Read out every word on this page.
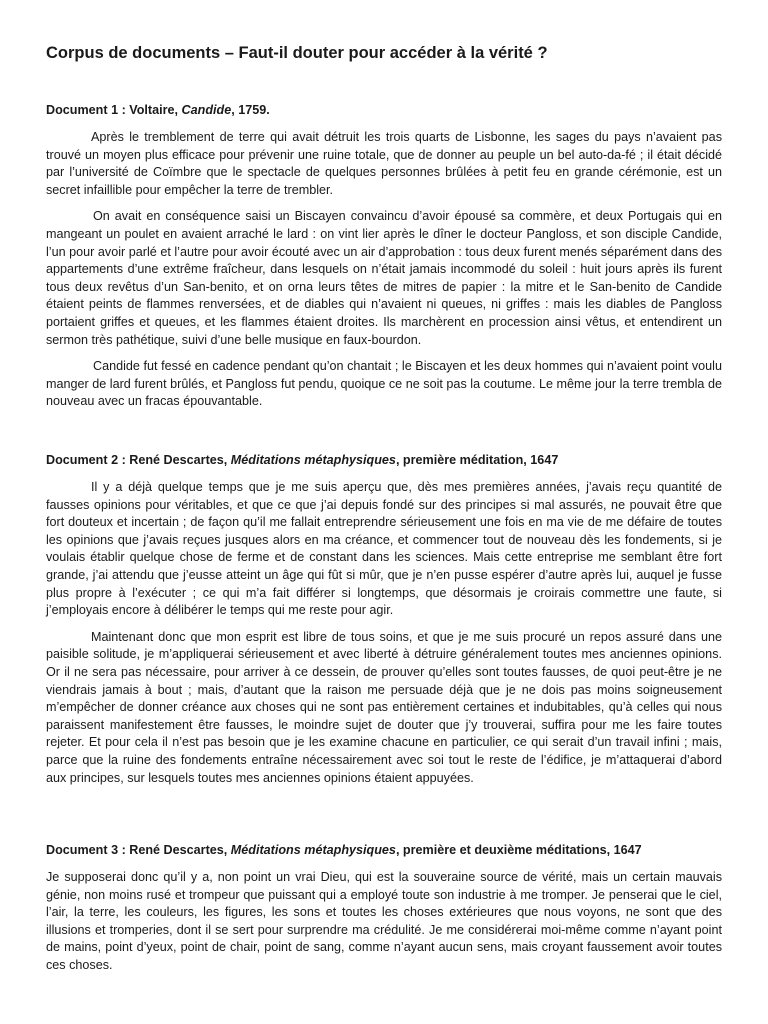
Corpus de documents – Faut-il douter pour accéder à la vérité ?

Document 1 : Voltaire, Candide, 1759.

Après le tremblement de terre qui avait détruit les trois quarts de Lisbonne, les sages du pays n’avaient pas trouvé un moyen plus efficace pour prévenir une ruine totale, que de donner au peuple un bel auto-da-fé ; il était décidé par l’université de Coïmbre que le spectacle de quelques personnes brûlées à petit feu en grande cérémonie, est un secret infaillible pour empêcher la terre de trembler.

On avait en conséquence saisi un Biscayen convaincu d’avoir épousé sa commère, et deux Portugais qui en mangeant un poulet en avaient arraché le lard : on vint lier après le dîner le docteur Pangloss, et son disciple Candide, l’un pour avoir parlé et l’autre pour avoir écouté avec un air d’approbation : tous deux furent menés séparément dans des appartements d’une extrême fraîcheur, dans lesquels on n’était jamais incommodé du soleil : huit jours après ils furent tous deux revêtus d’un San-benito, et on orna leurs têtes de mitres de papier : la mitre et le San-benito de Candide étaient peints de flammes renversées, et de diables qui n’avaient ni queues, ni griffes : mais les diables de Pangloss portaient griffes et queues, et les flammes étaient droites. Ils marchèrent en procession ainsi vêtus, et entendirent un sermon très pathétique, suivi d’une belle musique en faux-bourdon.

Candide fut fessé en cadence pendant qu’on chantait ; le Biscayen et les deux hommes qui n’avaient point voulu manger de lard furent brûlés, et Pangloss fut pendu, quoique ce ne soit pas la coutume. Le même jour la terre trembla de nouveau avec un fracas épouvantable.

Document 2 : René Descartes, Méditations métaphysiques, première méditation, 1647

Il y a déjà quelque temps que je me suis aperçu que, dès mes premières années, j’avais reçu quantité de fausses opinions pour véritables, et que ce que j’ai depuis fondé sur des principes si mal assurés, ne pouvait être que fort douteux et incertain ; de façon qu’il me fallait entreprendre sérieusement une fois en ma vie de me défaire de toutes les opinions que j’avais reçues jusques alors en ma créance, et commencer tout de nouveau dès les fondements, si je voulais établir quelque chose de ferme et de constant dans les sciences. Mais cette entreprise me semblant être fort grande, j’ai attendu que j’eusse atteint un âge qui fût si mûr, que je n’en pusse espérer d’autre après lui, auquel je fusse plus propre à l’exécuter ; ce qui m’a fait différer si longtemps, que désormais je croirais commettre une faute, si j’employais encore à délibérer le temps qui me reste pour agir.

Maintenant donc que mon esprit est libre de tous soins, et que je me suis procuré un repos assuré dans une paisible solitude, je m’appliquerai sérieusement et avec liberté à détruire généralement toutes mes anciennes opinions. Or il ne sera pas nécessaire, pour arriver à ce dessein, de prouver qu’elles sont toutes fausses, de quoi peut-être je ne viendrais jamais à bout ; mais, d’autant que la raison me persuade déjà que je ne dois pas moins soigneusement m’empêcher de donner créance aux choses qui ne sont pas entièrement certaines et indubitables, qu’à celles qui nous paraissent manifestement être fausses, le moindre sujet de douter que j’y trouverai, suffira pour me les faire toutes rejeter. Et pour cela il n’est pas besoin que je les examine chacune en particulier, ce qui serait d’un travail infini ; mais, parce que la ruine des fondements entraîne nécessairement avec soi tout le reste de l’édifice, je m’attaquerai d’abord aux principes, sur lesquels toutes mes anciennes opinions étaient appuyées.

Document 3 : René Descartes, Méditations métaphysiques, première et deuxième méditations, 1647

Je supposerai donc qu’il y a, non point un vrai Dieu, qui est la souveraine source de vérité, mais un certain mauvais génie, non moins rusé et trompeur que puissant qui a employé toute son industrie à me tromper. Je penserai que le ciel, l’air, la terre, les couleurs, les figures, les sons et toutes les choses extérieures que nous voyons, ne sont que des illusions et tromperies, dont il se sert pour surprendre ma crédulité. Je me considérerai moi-même comme n’ayant point de mains, point d’yeux, point de chair, point de sang, comme n’ayant aucun sens, mais croyant faussement avoir toutes ces choses.
